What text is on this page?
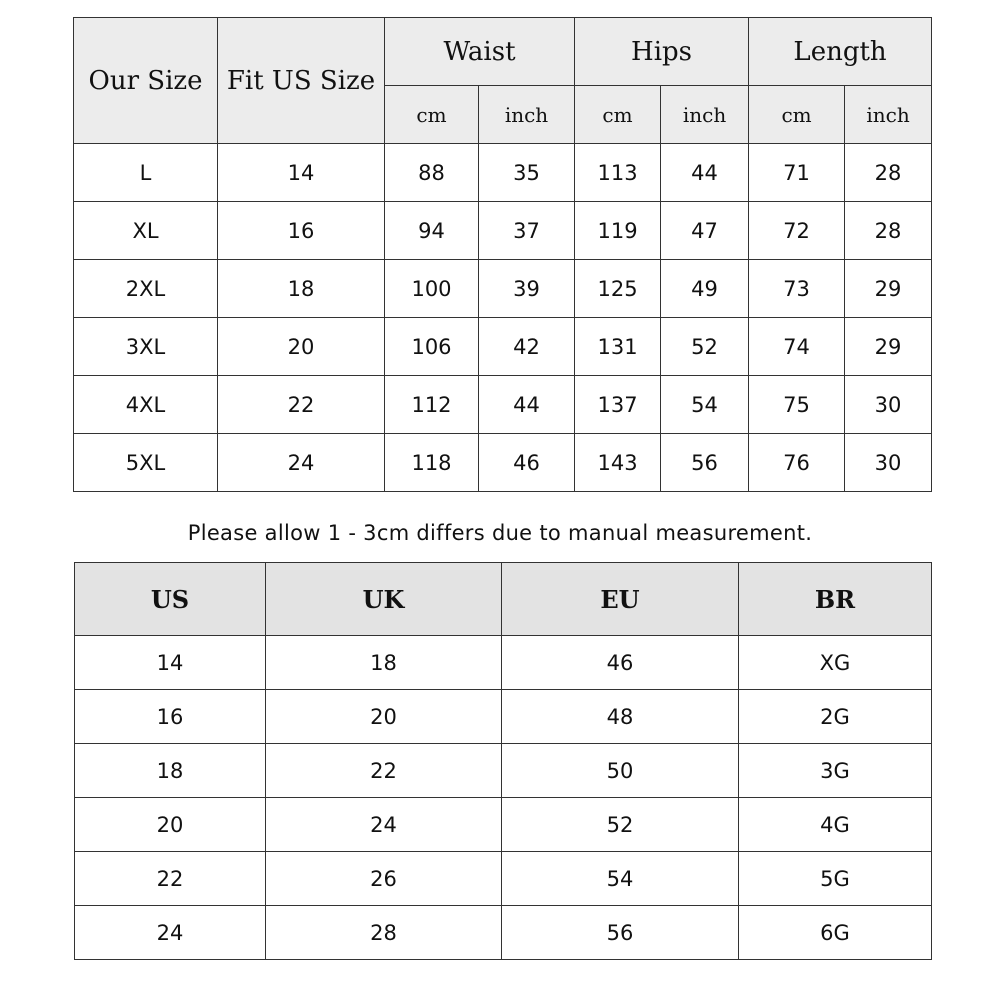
Our Size	Fit US Size	Waist		Hips		Length	
		cm	inch	cm	inch	cm	inch
L	14	88	35	113	44	71	28
XL	16	94	37	119	47	72	28
2XL	18	100	39	125	49	73	29
3XL	20	106	42	131	52	74	29
4XL	22	112	44	137	54	75	30
5XL	24	118	46	143	56	76	30
Please allow 1 - 3cm differs due to manual measurement.
US	UK	EU	BR
14	18	46	XG
16	20	48	2G
18	22	50	3G
20	24	52	4G
22	26	54	5G
24	28	56	6G
